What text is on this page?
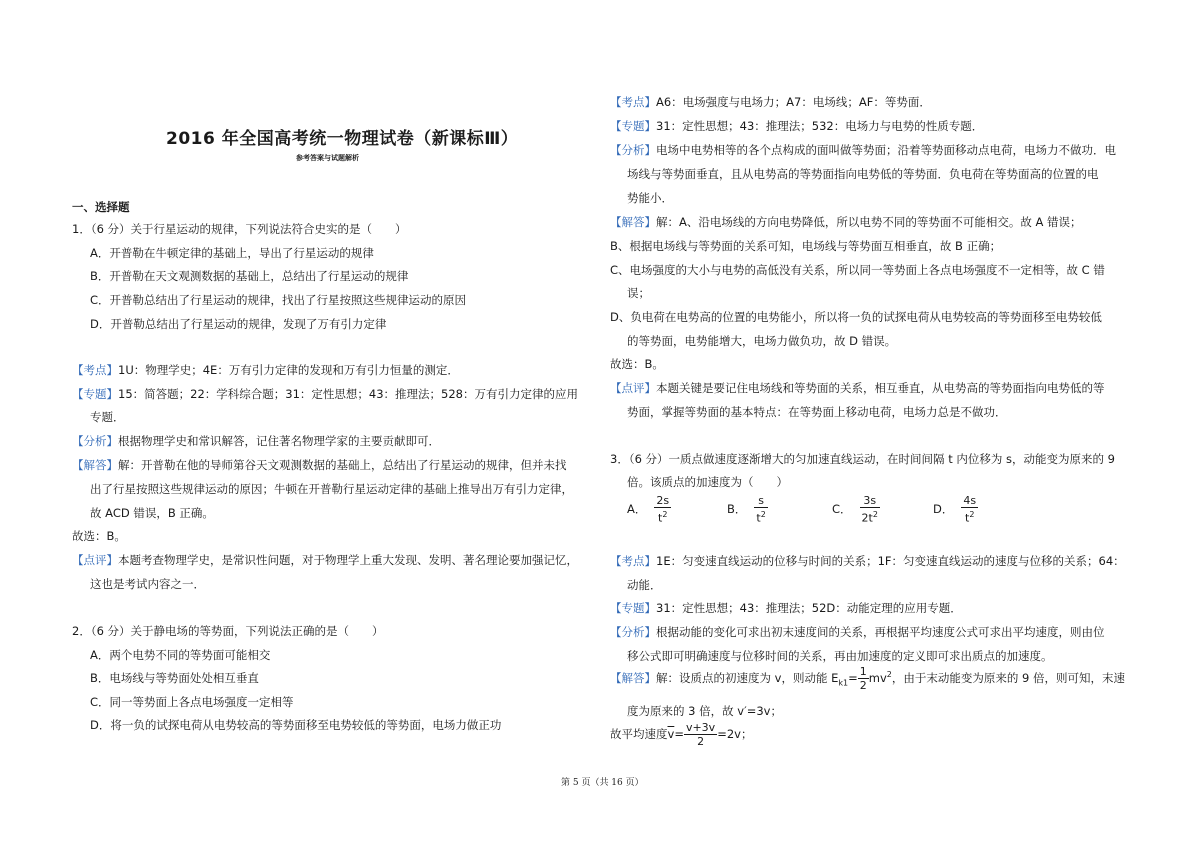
2016 年全国高考统一物理试卷（新课标Ⅲ）
参考答案与试题解析
一、选择题
1．（6 分）关于行星运动的规律，下列说法符合史实的是（　　）
A．开普勒在牛顿定律的基础上，导出了行星运动的规律
B．开普勒在天文观测数据的基础上，总结出了行星运动的规律
C．开普勒总结出了行星运动的规律，找出了行星按照这些规律运动的原因
D．开普勒总结出了行星运动的规律，发现了万有引力定律
【考点】1U：物理学史；4E：万有引力定律的发现和万有引力恒量的测定．
【专题】15：简答题；22：学科综合题；31：定性思想；43：推理法；528：万有引力定律的应用
专题．
【分析】根据物理学史和常识解答，记住著名物理学家的主要贡献即可．
【解答】解：开普勒在他的导师第谷天文观测数据的基础上，总结出了行星运动的规律，但并未找
出了行星按照这些规律运动的原因；牛顿在开普勒行星运动定律的基础上推导出万有引力定律，
故 ACD 错误，B 正确。
故选：B。
【点评】本题考查物理学史，是常识性问题，对于物理学上重大发现、发明、著名理论要加强记忆，
这也是考试内容之一．
2．（6 分）关于静电场的等势面，下列说法正确的是（　　）
A．两个电势不同的等势面可能相交
B．电场线与等势面处处相互垂直
C．同一等势面上各点电场强度一定相等
D．将一负的试探电荷从电势较高的等势面移至电势较低的等势面，电场力做正功
【考点】A6：电场强度与电场力；A7：电场线；AF：等势面．
【专题】31：定性思想；43：推理法；532：电场力与电势的性质专题．
【分析】电场中电势相等的各个点构成的面叫做等势面；沿着等势面移动点电荷，电场力不做功．电
场线与等势面垂直，且从电势高的等势面指向电势低的等势面．负电荷在等势面高的位置的电
势能小．
【解答】解：A、沿电场线的方向电势降低，所以电势不同的等势面不可能相交。故 A 错误；
B、根据电场线与等势面的关系可知，电场线与等势面互相垂直，故 B 正确；
C、电场强度的大小与电势的高低没有关系，所以同一等势面上各点电场强度不一定相等，故 C 错
误；
D、负电荷在电势高的位置的电势能小，所以将一负的试探电荷从电势较高的等势面移至电势较低
的等势面，电势能增大，电场力做负功，故 D 错误。
故选：B。
【点评】本题关键是要记住电场线和等势面的关系，相互垂直，从电势高的等势面指向电势低的等
势面，掌握等势面的基本特点：在等势面上移动电荷，电场力总是不做功．
3．（6 分）一质点做速度逐渐增大的匀加速直线运动，在时间间隔 t 内位移为 s，动能变为原来的 9
倍。该质点的加速度为（　　）
A． $\frac{2s}{t^2}$	B． $\frac{s}{t^2}$	C． $\frac{3s}{2t^2}$	D． $\frac{4s}{t^2}$
【考点】1E：匀变速直线运动的位移与时间的关系；1F：匀变速直线运动的速度与位移的关系；64：
动能．
【专题】31：定性思想；43：推理法；52D：动能定理的应用专题．
【分析】根据动能的变化可求出初末速度间的关系，再根据平均速度公式可求出平均速度，则由位
移公式即可明确速度与位移时间的关系，再由加速度的定义即可求出质点的加速度。
【解答】解：设质点的初速度为 v，则动能 $E_{k1}= \frac{1}{2} mv^2$，由于末动能变为原来的 9 倍，则可知，末速
度为原来的 3 倍，故 v′=3v；
故平均速度$\overline{v}= \frac{v+3v}{2} =2v$；
第 5 页（共 16 页）
